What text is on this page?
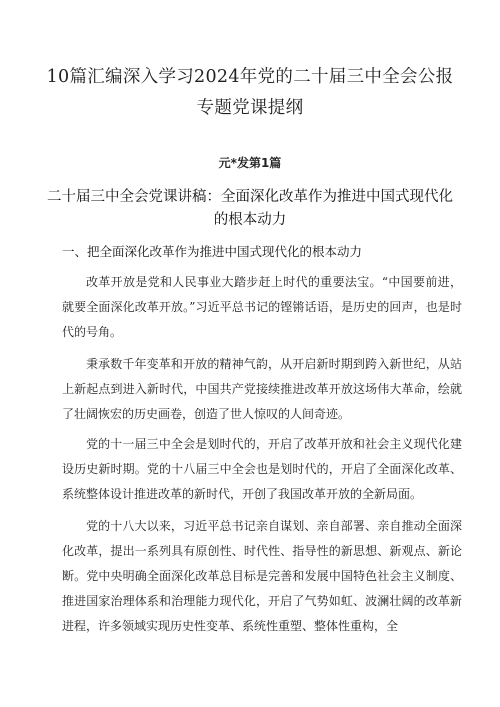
10篇汇编深入学习2024年党的二十届三中全会公报专题党课提纲
元*发第1篇
二十届三中全会党课讲稿：全面深化改革作为推进中国式现代化的根本动力
一、把全面深化改革作为推进中国式现代化的根本动力

改革开放是党和人民事业大踏步赶上时代的重要法宝。“中国要前进，就要全面深化改革开放。”习近平总书记的铿锵话语，是历史的回声，也是时代的号角。

秉承数千年变革和开放的精神气韵，从开启新时期到跨入新世纪，从站上新起点到进入新时代，中国共产党接续推进改革开放这场伟大革命，绘就了壮阔恢宏的历史画卷，创造了世人惊叹的人间奇迹。

党的十一届三中全会是划时代的，开启了改革开放和社会主义现代化建设历史新时期。党的十八届三中全会也是划时代的，开启了全面深化改革、系统整体设计推进改革的新时代，开创了我国改革开放的全新局面。

党的十八大以来，习近平总书记亲自谋划、亲自部署、亲自推动全面深化改革，提出一系列具有原创性、时代性、指导性的新思想、新观点、新论断。党中央明确全面深化改革总目标是完善和发展中国特色社会主义制度、推进国家治理体系和治理能力现代化，开启了气势如虹、波澜壮阔的改革新进程，许多领域实现历史性变革、系统性重塑、整体性重构，全
